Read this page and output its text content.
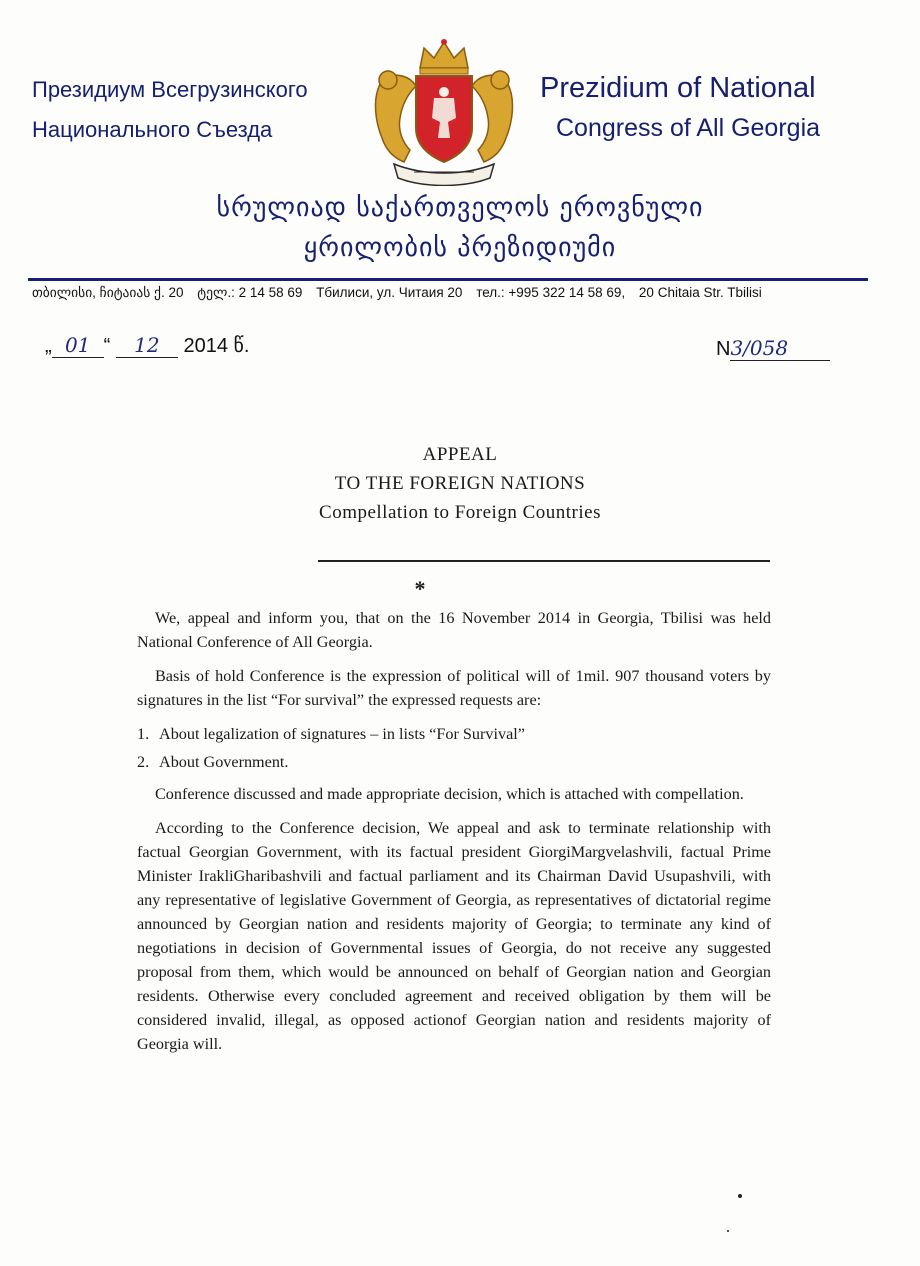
Президиум Всегрузинского
Национального Съезда
Prezidium of National
Congress of All Georgia
სრულიად საქართველოს ეროვნული
ყრილობის პრეზიდიუმი
თბილისი, ჩიტაიას ქ. 20 ტელ.: 2 14 58 69 Тбилиси, ул. Читаия 20 тел.: +995 322 14 58 69, 20 Chitaia Str. Tbilisi
„ 01 “ 12 2014 წ.	N3/058
APPEAL
TO THE FOREIGN NATIONS
Compellation to Foreign Countries
*

We, appeal and inform you, that on the 16 November 2014 in Georgia, Tbilisi was held National Conference of All Georgia.

Basis of hold Conference is the expression of political will of 1mil. 907 thousand voters by signatures in the list “For survival” the expressed requests are:

1. About legalization of signatures – in lists “For Survival”
2. About Government.

Conference discussed and made appropriate decision, which is attached with compellation.

According to the Conference decision, We appeal and ask to terminate relationship with factual Georgian Government, with its factual president GiorgiMargvelashvili, factual Prime Minister IrakliGharibashvili and factual parliament and its Chairman David Usupashvili, with any representative of legislative Government of Georgia, as representatives of dictatorial regime announced by Georgian nation and residents majority of Georgia; to terminate any kind of negotiations in decision of Governmental issues of Georgia, do not receive any suggested proposal from them, which would be announced on behalf of Georgian nation and Georgian residents. Otherwise every concluded agreement and received obligation by them will be considered invalid, illegal, as opposed actionof Georgian nation and residents majority of Georgia will.
